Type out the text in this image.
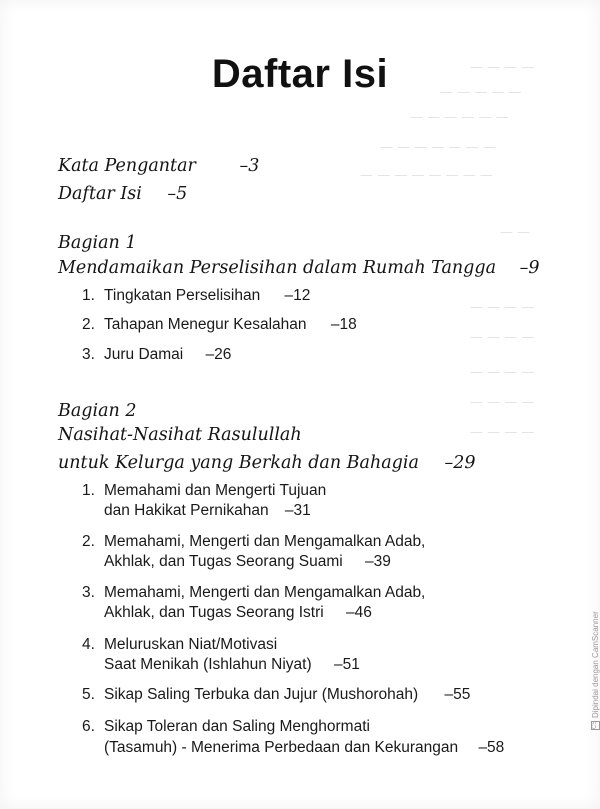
— — — —
— — — — —
— — — — — —
— — — — — — —
— — — — — — — —
— —
— — — —
— — — —
— — — —
— — — —
— — — —
Daftar Isi
Kata Pengantar –3
Daftar Isi –5
Bagian 1
Mendamaikan Perselisihan dalam Rumah Tangga –9
1. Tingkatan Perselisihan –12
2. Tahapan Menegur Kesalahan –18
3. Juru Damai –26
Bagian 2
Nasihat-Nasihat Rasulullah
untuk Kelurga yang Berkah dan Bahagia –29
1. Memahami dan Mengerti Tujuan
dan Hakikat Pernikahan –31
2. Memahami, Mengerti dan Mengamalkan Adab,
Akhlak, dan Tugas Seorang Suami –39
3. Memahami, Mengerti dan Mengamalkan Adab,
Akhlak, dan Tugas Seorang Istri –46
4. Meluruskan Niat/Motivasi
Saat Menikah (Ishlahun Niyat) –51
5. Sikap Saling Terbuka dan Jujur (Mushorohah) –55
6. Sikap Toleran dan Saling Menghormati
(Tasamuh) - Menerima Perbedaan dan Kekurangan –58
CSDipindai dengan CamScanner
